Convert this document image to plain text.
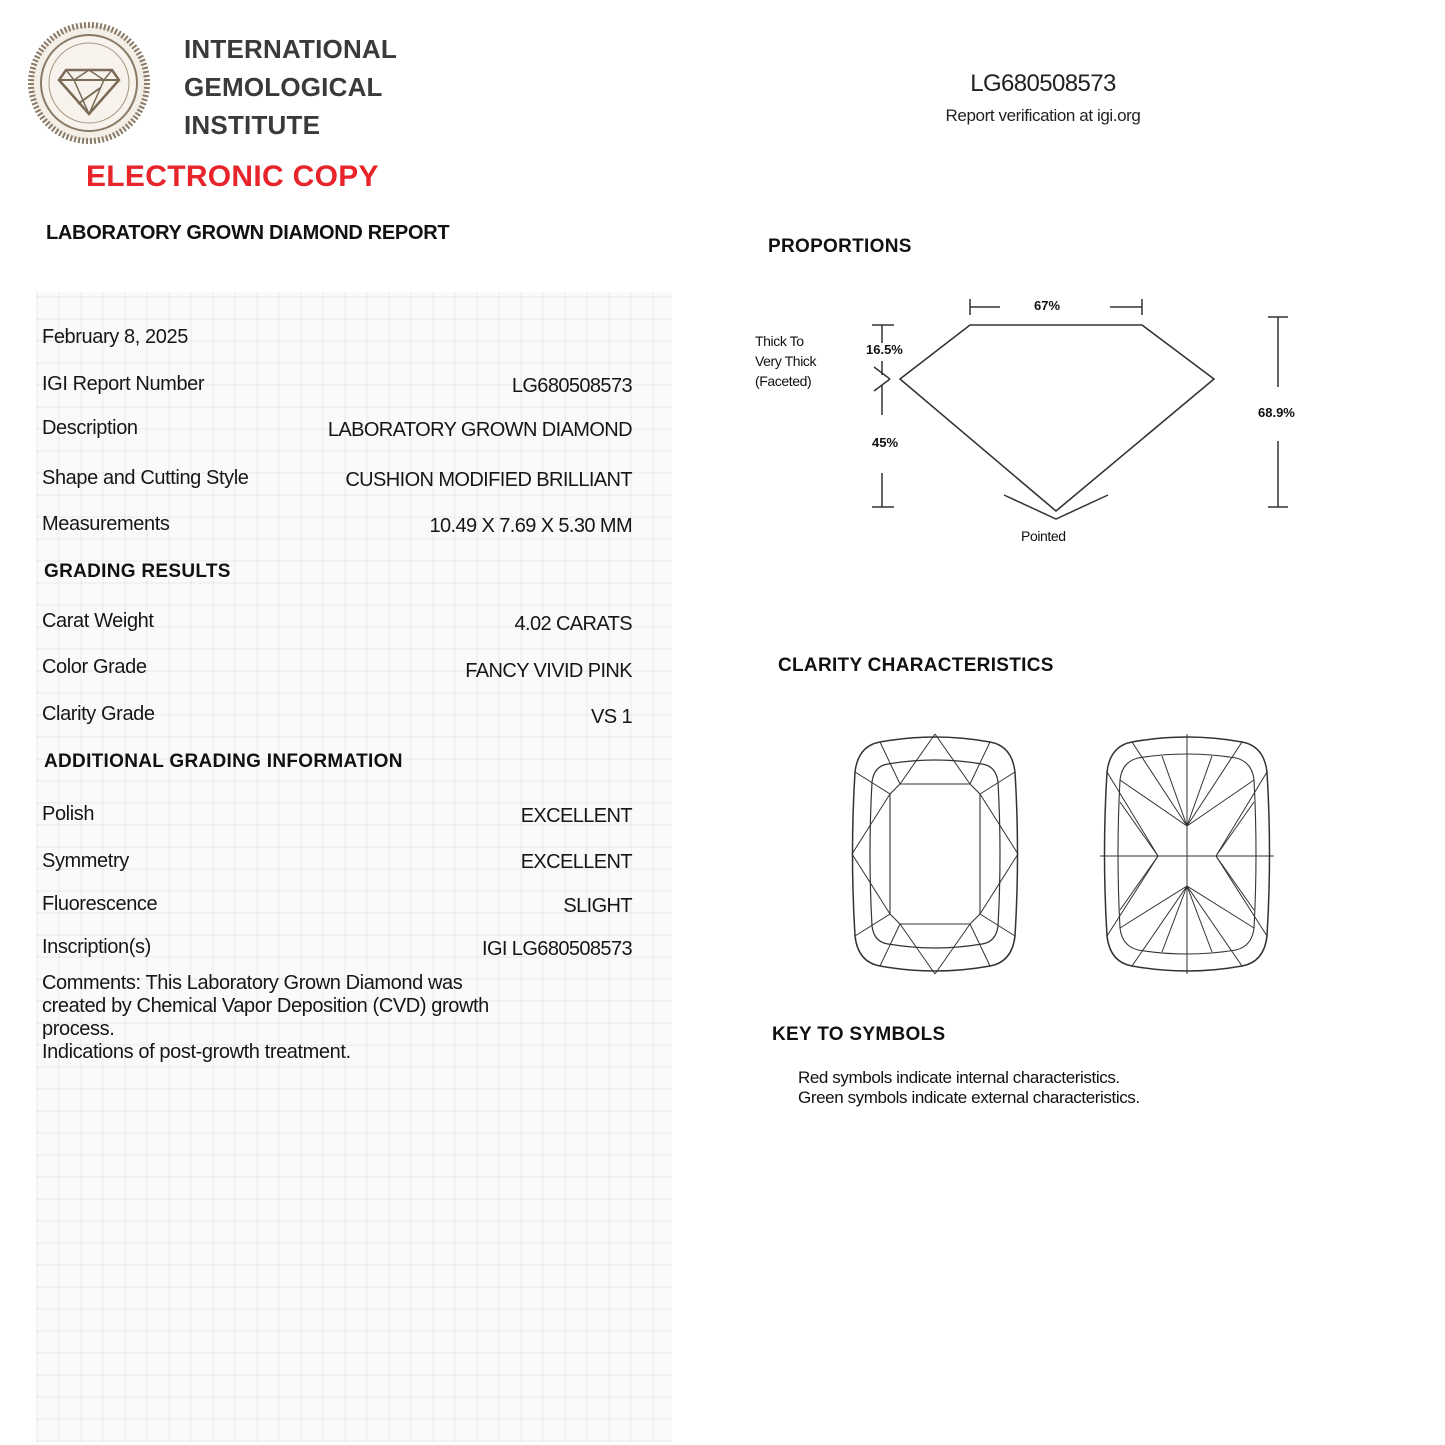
INTERNATIONAL
GEMOLOGICAL
INSTITUTE
ELECTRONIC COPY
LABORATORY GROWN DIAMOND REPORT
LG680508573
Report verification at igi.org
February 8, 2025
IGI Report Number	LG680508573
Description	LABORATORY GROWN DIAMOND
Shape and Cutting Style	CUSHION MODIFIED BRILLIANT
Measurements	10.49 X 7.69 X 5.30 MM
GRADING RESULTS
Carat Weight	4.02 CARATS
Color Grade	FANCY VIVID PINK
Clarity Grade	VS 1
ADDITIONAL GRADING INFORMATION
Polish	EXCELLENT
Symmetry	EXCELLENT
Fluorescence	SLIGHT
Inscription(s)	IGI LG680508573
Comments: This Laboratory Grown Diamond was
created by Chemical Vapor Deposition (CVD) growth
process.
Indications of post-growth treatment.
PROPORTIONS
67%
16.5%
45%
68.9%
Thick To
Very Thick
(Faceted)
Pointed
CLARITY CHARACTERISTICS
KEY TO SYMBOLS
Red symbols indicate internal characteristics.
Green symbols indicate external characteristics.
